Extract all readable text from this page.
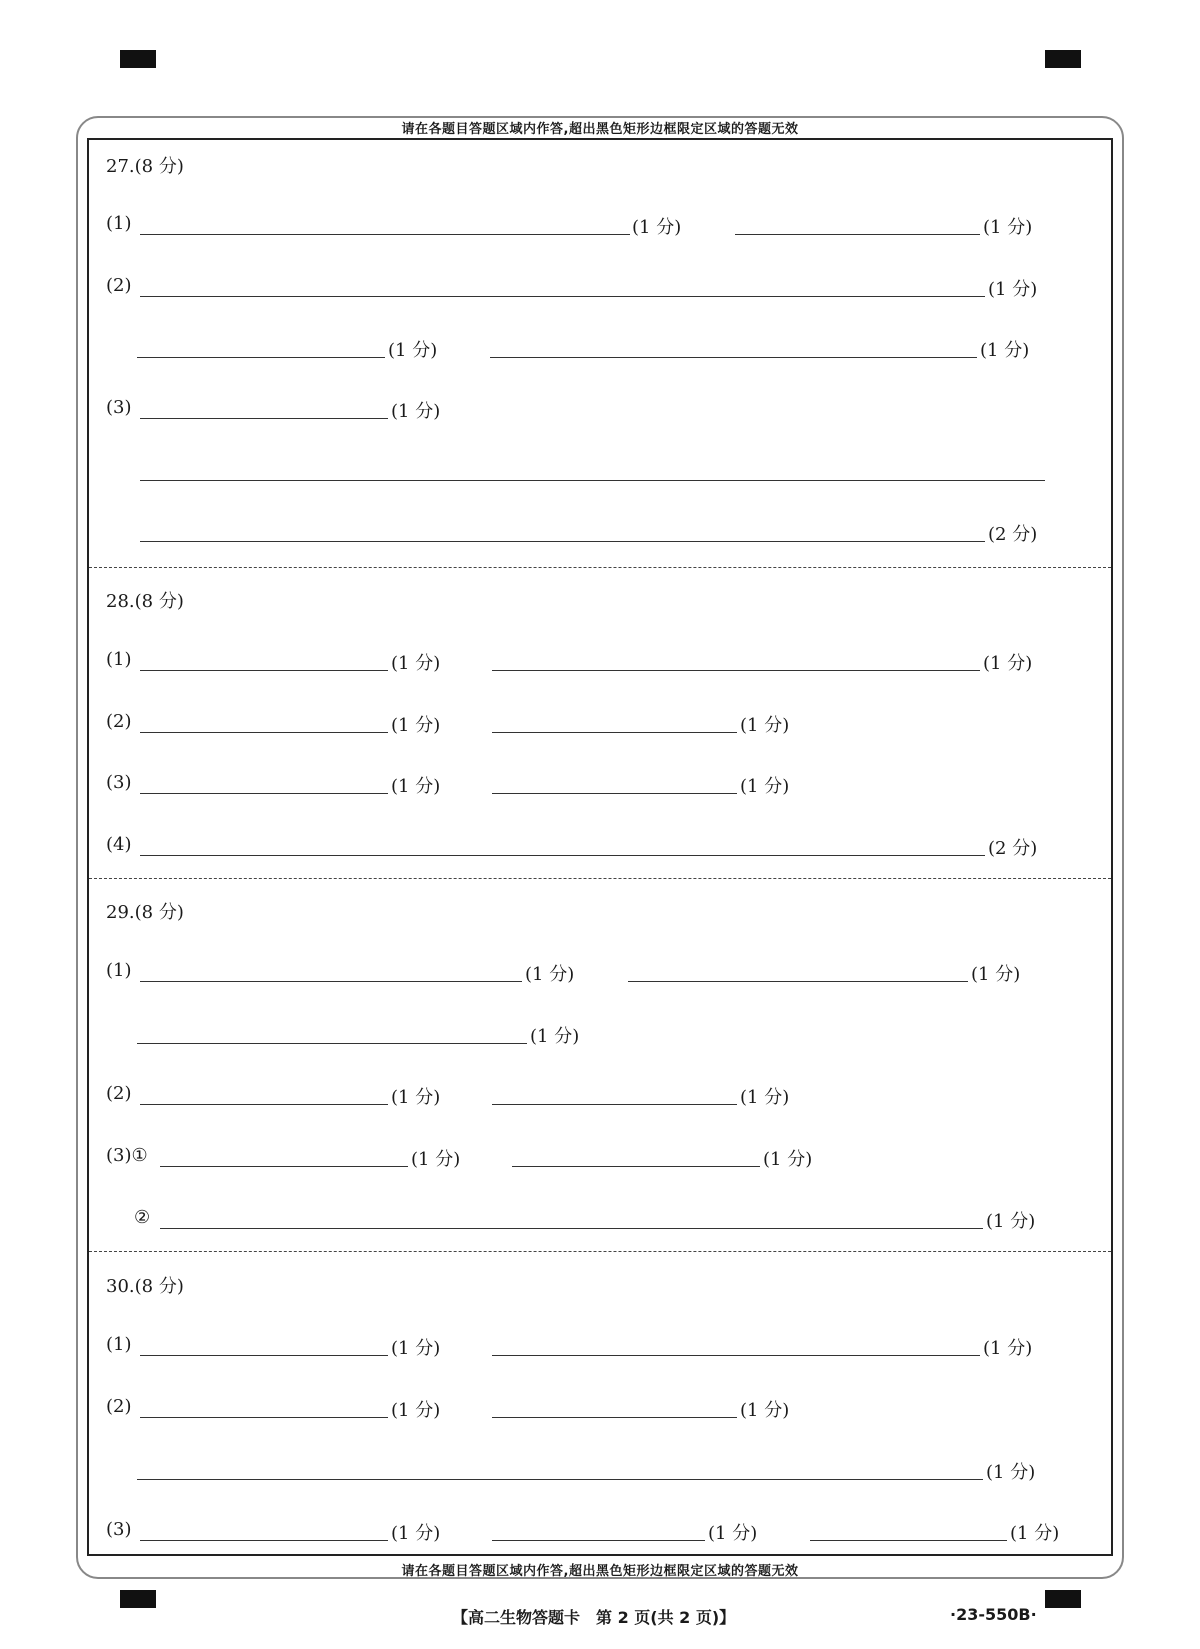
请在各题目答题区域内作答,超出黑色矩形边框限定区域的答题无效
请在各题目答题区域内作答,超出黑色矩形边框限定区域的答题无效
27.(8 分)
(1)	(1 分)	(1 分)
(2)	(1 分)
(1 分)	(1 分)
(3)	(1 分)
(2 分)
28.(8 分)
(1)	(1 分)	(1 分)
(2)	(1 分)	(1 分)
(3)	(1 分)	(1 分)
(4)	(2 分)
29.(8 分)
(1)	(1 分)	(1 分)
(1 分)
(2)	(1 分)	(1 分)
(3)①	(1 分)	(1 分)
②	(1 分)
30.(8 分)
(1)	(1 分)	(1 分)
(2)	(1 分)	(1 分)
(1 分)
(3)	(1 分)	(1 分)	(1 分)
【高二生物答题卡　第 2 页(共 2 页)】	·23-550B·
